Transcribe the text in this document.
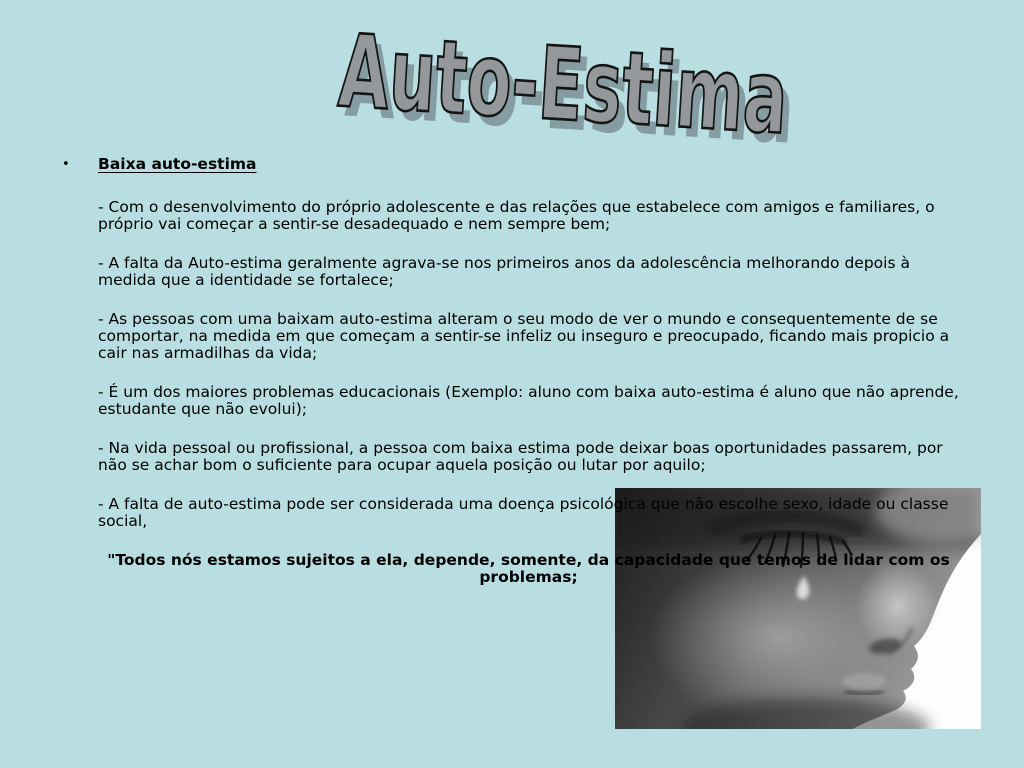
Auto-Estima
• Baixa auto-estima

- Com o desenvolvimento do próprio adolescente e das relações que estabelece com amigos e familiares, o próprio vai começar a sentir-se desadequado e nem sempre bem;

- A falta da Auto-estima geralmente agrava-se nos primeiros anos da adolescência melhorando depois à medida que a identidade se fortalece;

- As pessoas com uma baixam auto-estima alteram o seu modo de ver o mundo e consequentemente de se comportar, na medida em que começam a sentir-se infeliz ou inseguro e preocupado, ficando mais propicio a cair nas armadilhas da vida;

- É um dos maiores problemas educacionais (Exemplo: aluno com baixa auto-estima é aluno que não aprende, estudante que não evolui);

- Na vida pessoal ou profissional, a pessoa com baixa estima pode deixar boas oportunidades passarem, por não se achar bom o suficiente para ocupar aquela posição ou lutar por aquilo;

- A falta de auto-estima pode ser considerada uma doença psicológica que não escolhe sexo, idade ou classe social,

"Todos nós estamos sujeitos a ela, depende, somente, da capacidade que temos de lidar com os problemas;
